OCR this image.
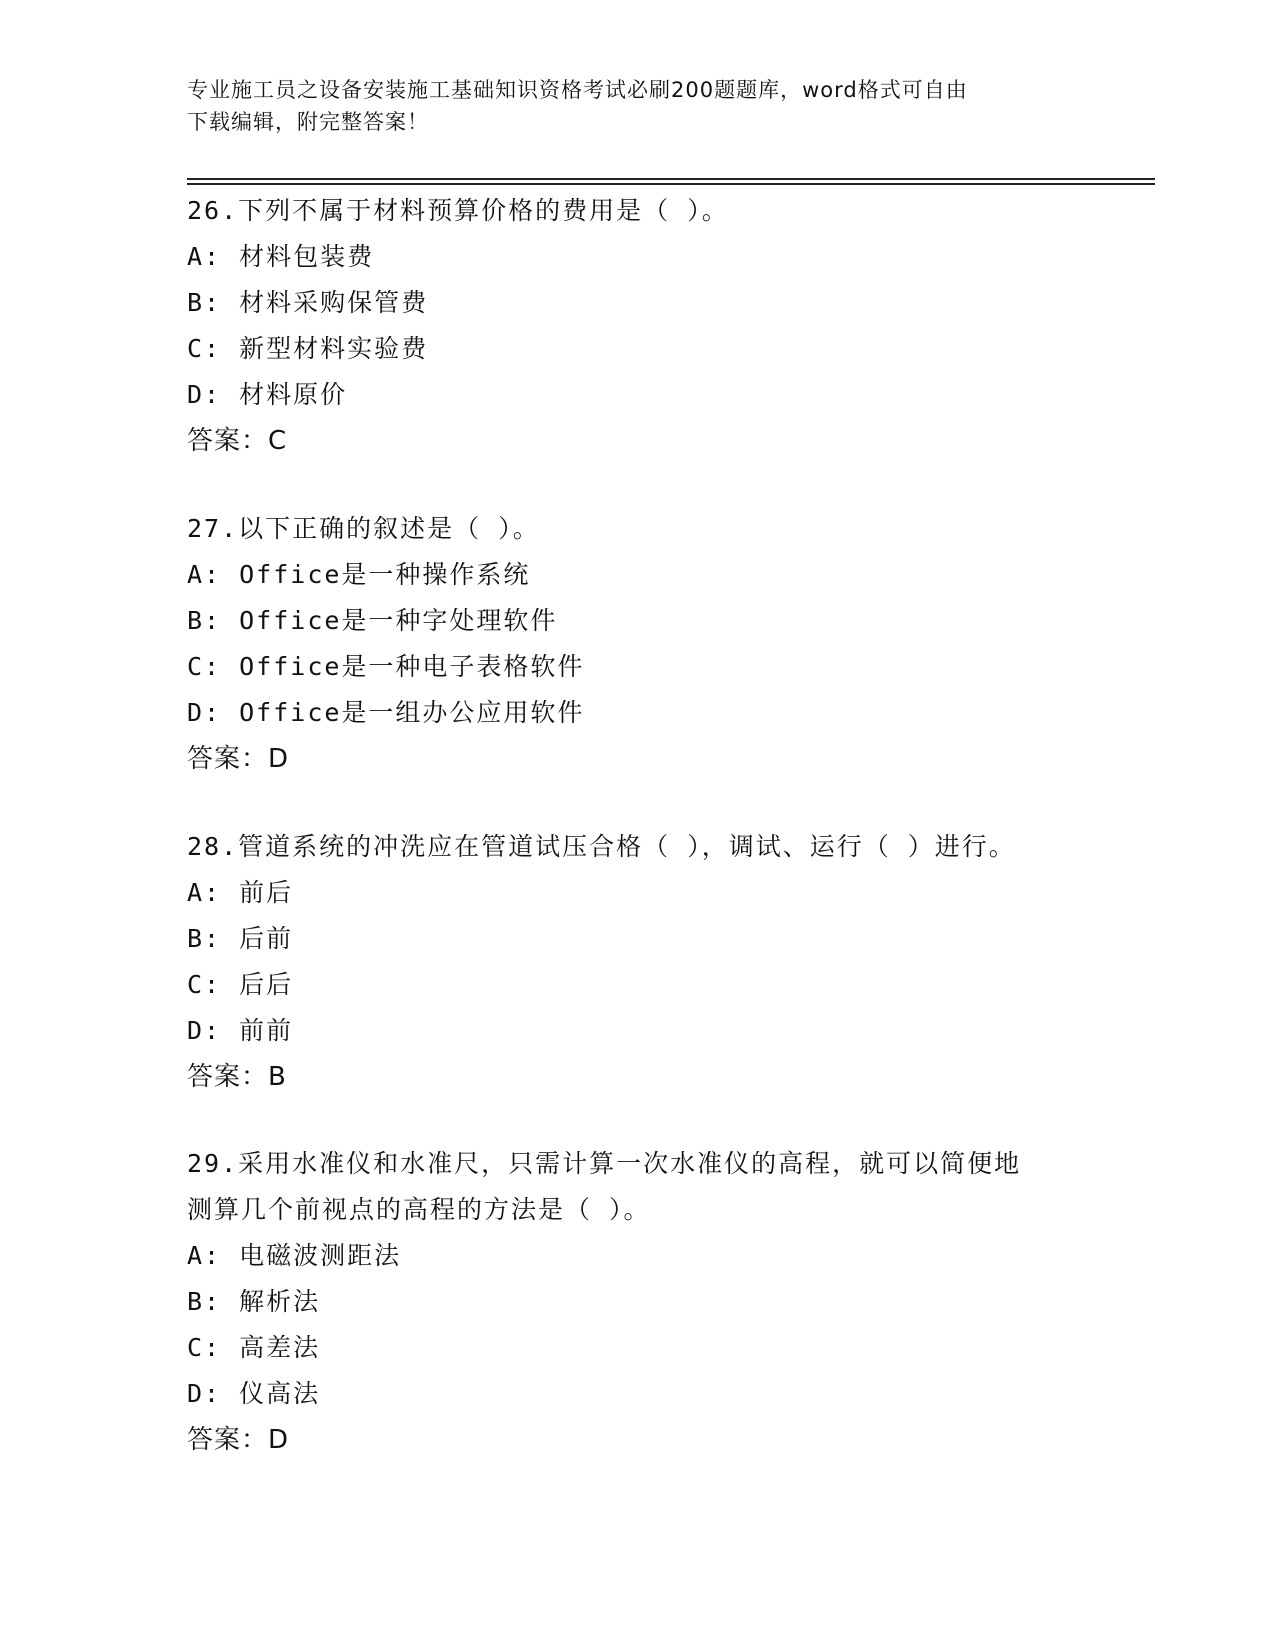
专业施工员之设备安装施工基础知识资格考试必刷200题题库，word格式可自由
下载编辑，附完整答案！
26.下列不属于材料预算价格的费用是（ ）。
A: 材料包装费
B: 材料采购保管费
C: 新型材料实验费
D: 材料原价
答案：C
27.以下正确的叙述是（ ）。
A: Office是一种操作系统
B: Office是一种字处理软件
C: Office是一种电子表格软件
D: Office是一组办公应用软件
答案：D
28.管道系统的冲洗应在管道试压合格（ ），调试、运行（ ）进行。
A: 前后
B: 后前
C: 后后
D: 前前
答案：B
29.采用水准仪和水准尺，只需计算一次水准仪的高程，就可以简便地
测算几个前视点的高程的方法是（ ）。
A: 电磁波测距法
B: 解析法
C: 高差法
D: 仪高法
答案：D
